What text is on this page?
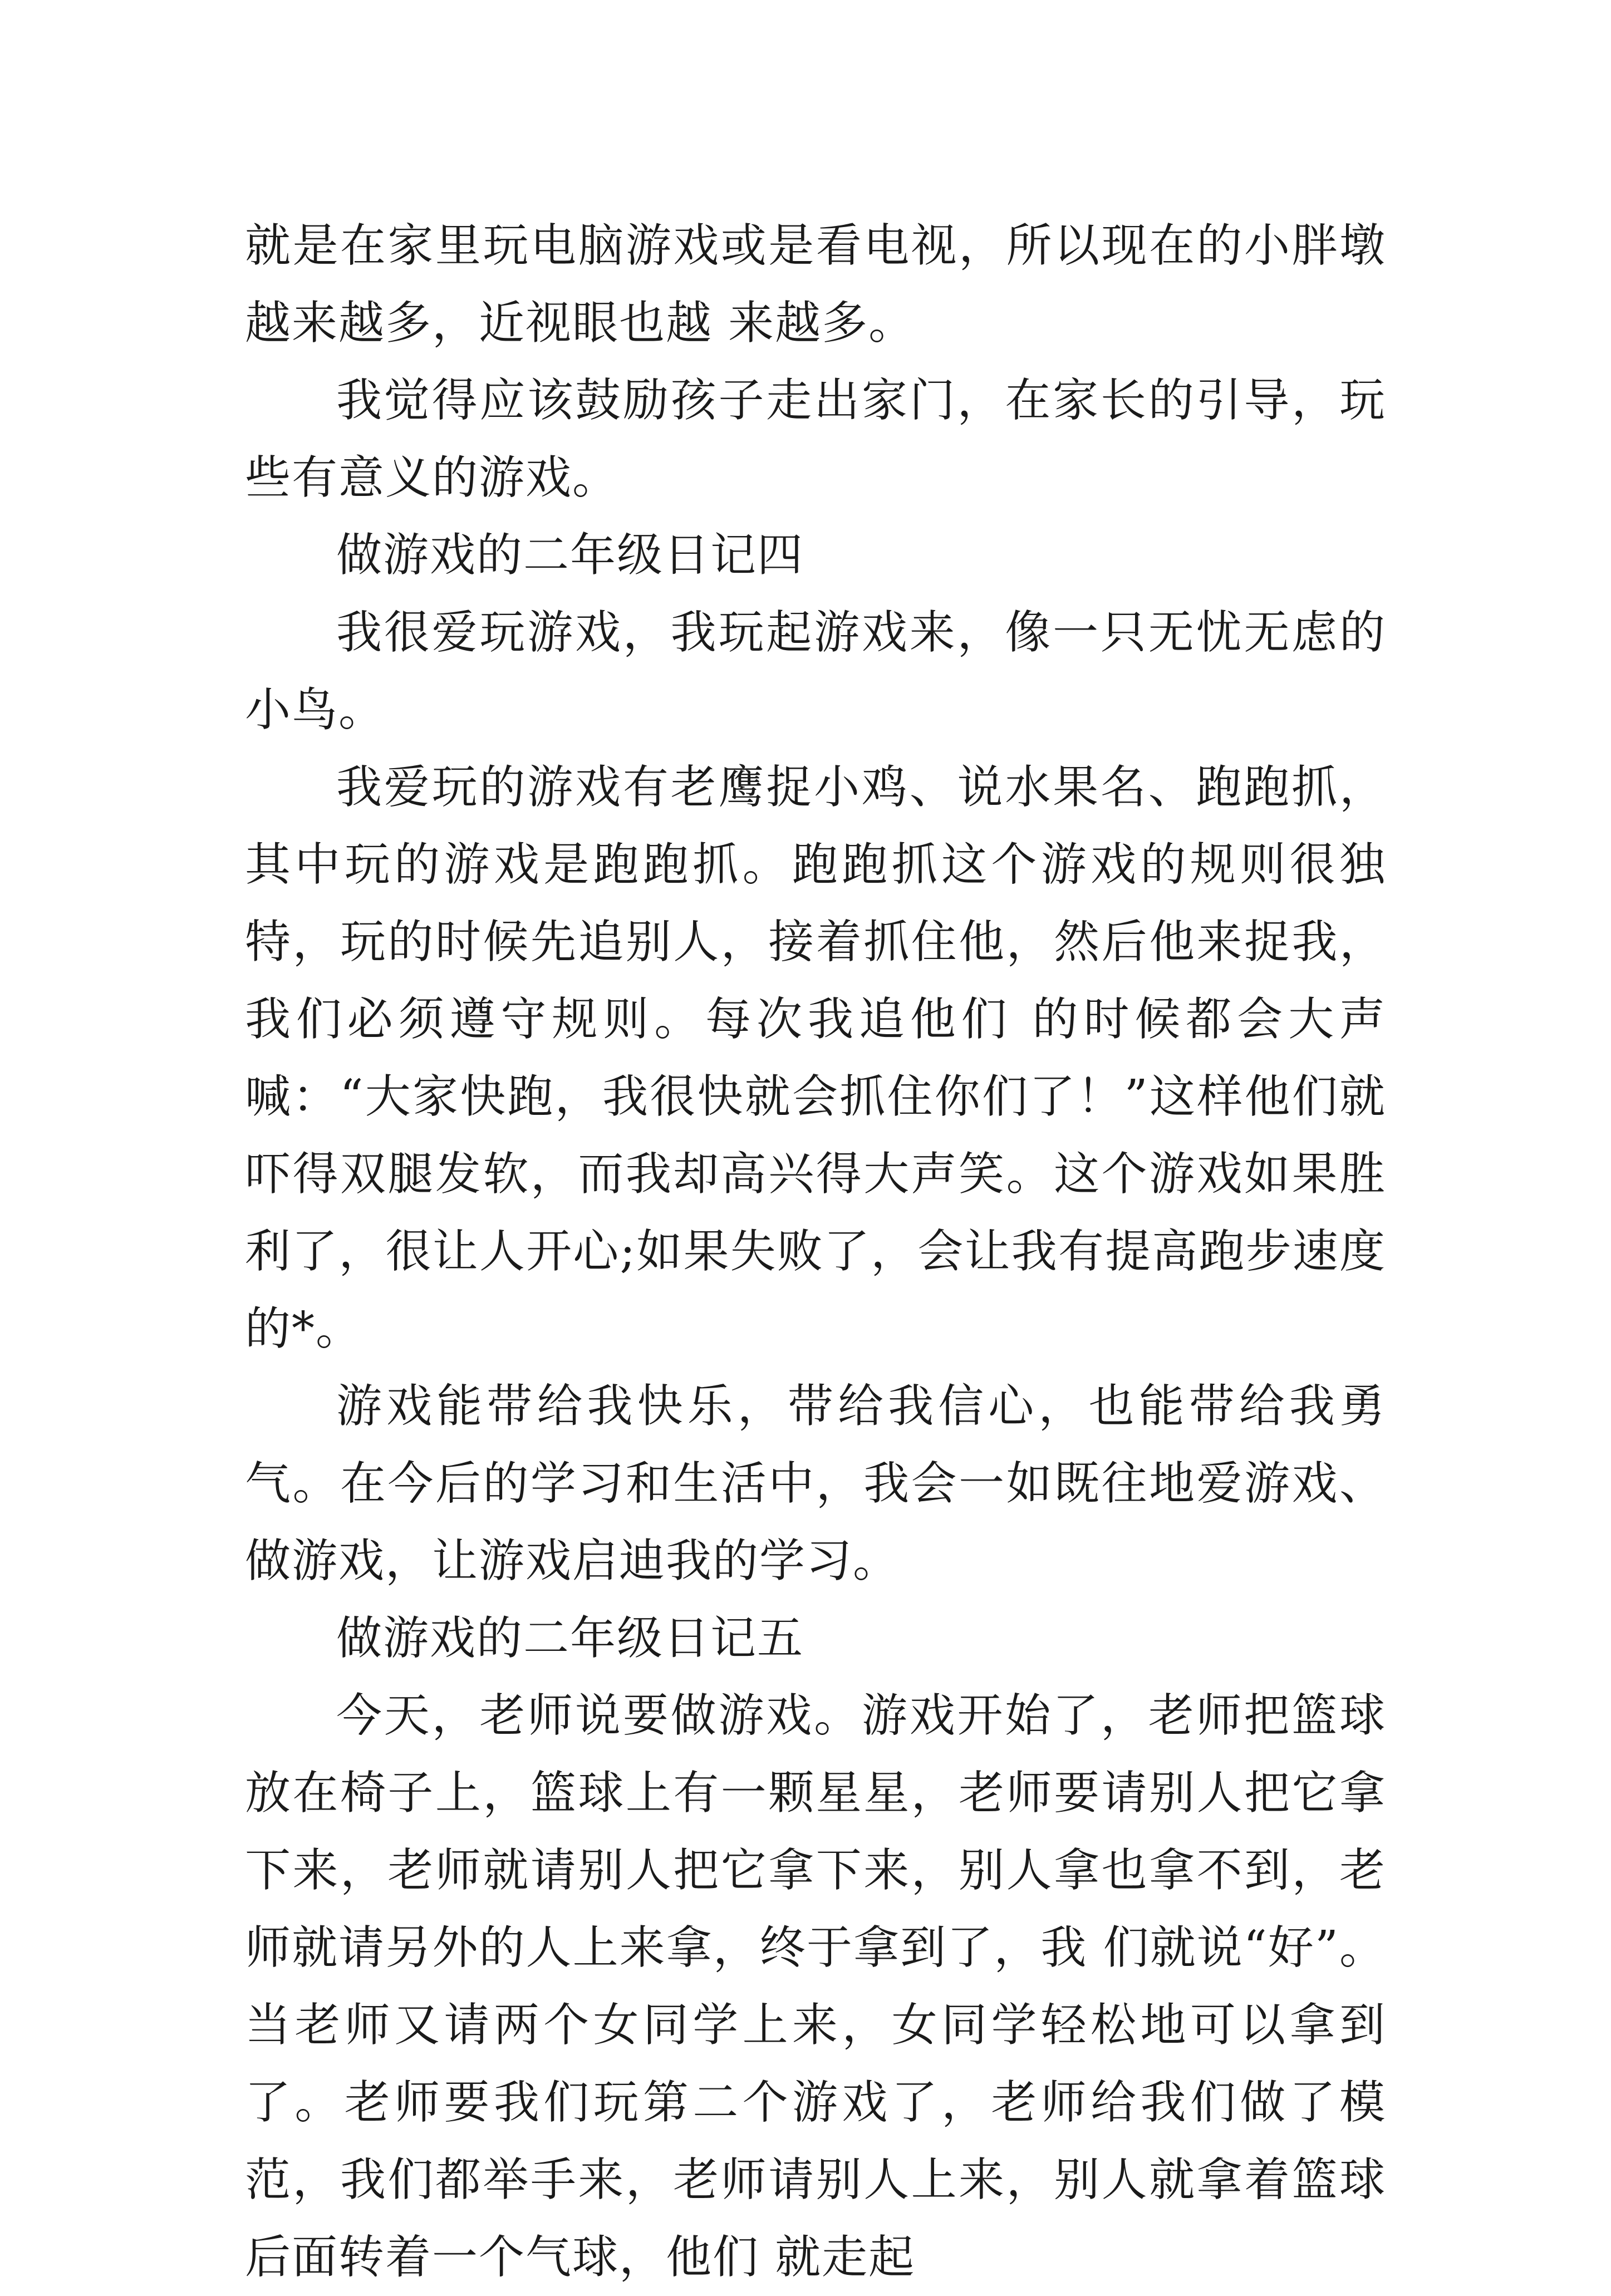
就是在家里玩电脑游戏或是看电视，所以现在的小胖墩越来越多，近视眼也越 来越多。

我觉得应该鼓励孩子走出家门，在家长的引导，玩些有意义的游戏。

做游戏的二年级日记四

我很爱玩游戏，我玩起游戏来，像一只无忧无虑的小鸟。

我爱玩的游戏有老鹰捉小鸡、说水果名、跑跑抓，其中玩的游戏是跑跑抓。跑跑抓这个游戏的规则很独特，玩的时候先追别人，接着抓住他，然后他来捉我，我们必须遵守规则。每次我追他们 的时候都会大声喊：“大家快跑，我很快就会抓住你们了！”这样他们就吓得双腿发软，而我却高兴得大声笑。这个游戏如果胜利了，很让人开心;如果失败了，会让我有提高跑步速度的*。

游戏能带给我快乐，带给我信心，也能带给我勇气。在今后的学习和生活中，我会一如既往地爱游戏、做游戏，让游戏启迪我的学习。

做游戏的二年级日记五

今天，老师说要做游戏。游戏开始了，老师把篮球放在椅子上，篮球上有一颗星星，老师要请别人把它拿下来，老师就请别人把它拿下来，别人拿也拿不到，老师就请另外的人上来拿，终于拿到了，我 们就说“好”。当老师又请两个女同学上来，女同学轻松地可以拿到了。老师要我们玩第二个游戏了，老师给我们做了模范，我们都举手来，老师请别人上来，别人就拿着篮球后面转着一个气球，他们 就走起
